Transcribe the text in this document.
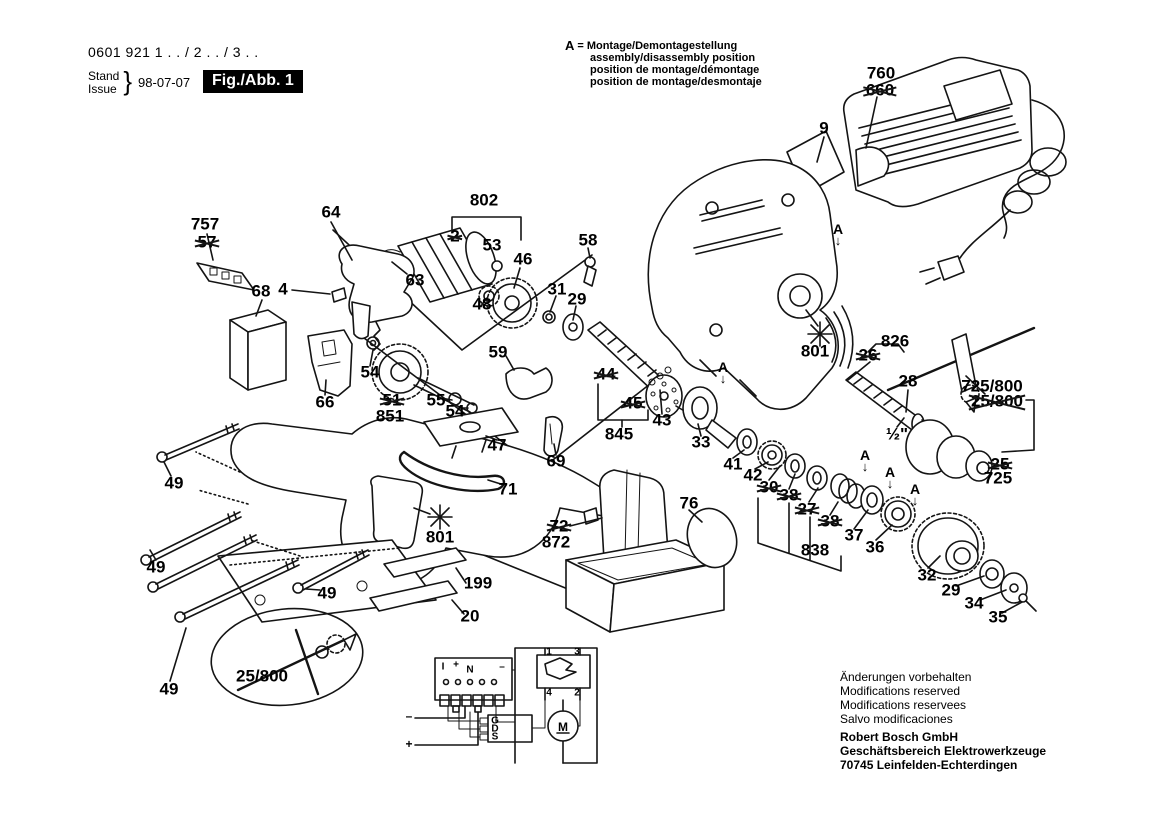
0601 921 1 . . / 2 . . / 3 . .
Stand
Issue } 98-07-07	Fig./Abb. 1
A = Montage/Demontagestellung
assembly/disassembly position
position de montage/démontage
position de montage/desmontaje
Änderungen vorbehalten
Modifications reserved
Modifications reservees
Salvo modificaciones
Robert Bosch GmbH
Geschäftsbereich Elektrowerkzeuge
70745 Leinfelden-Echterdingen
–
+
I + N	–
G
D
S
M
1 3
4 2
760
660
9
757
57
64
802
2 53
63
46
48
58
31
29
68 4
66
54
51
851
55
54
59
47
69
71
44
45
845
43
33
41
42
30 38
27
38
838
37
36
32
29
34
35
801
826
26
28
½"
725/800
25/800
25
725
49
49
49
49
801
25/800
199
20
72
872
76
A
↓
A
↓ A
↓ A
↓
A
↓
